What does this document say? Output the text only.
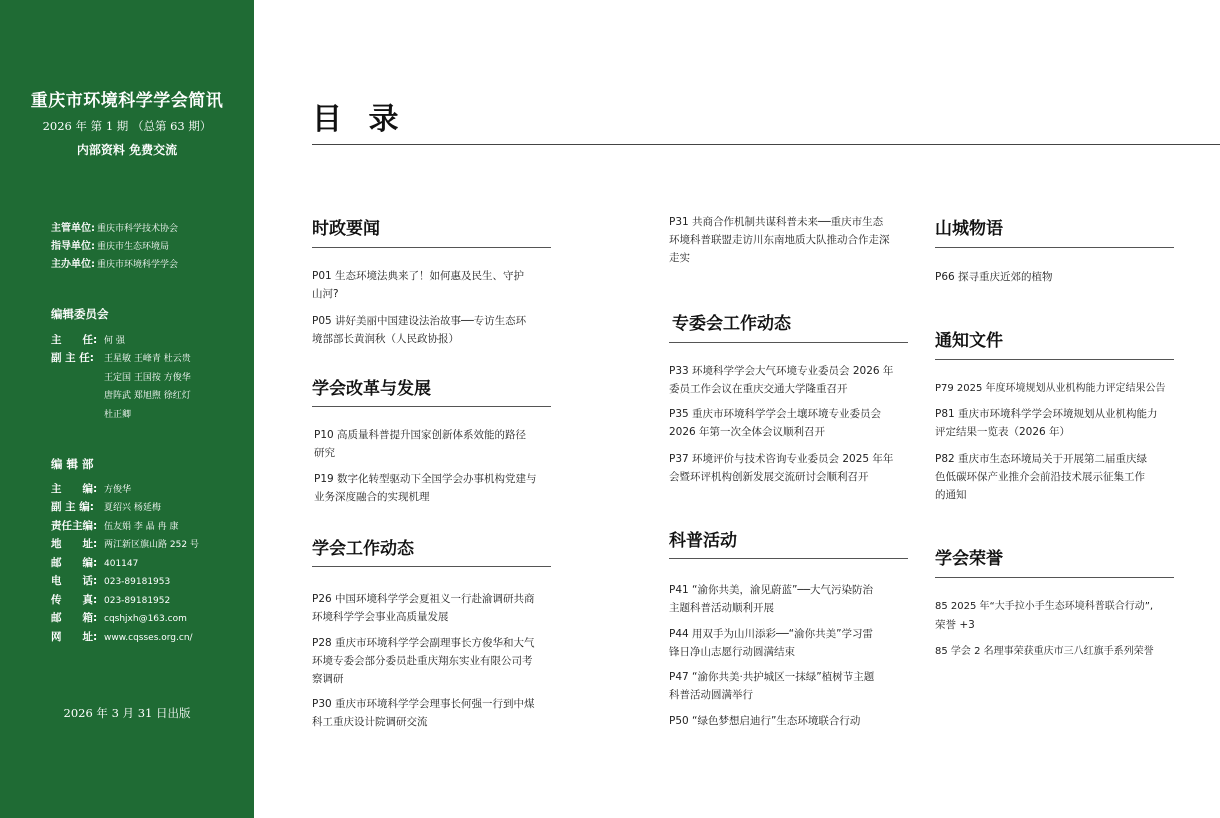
重庆市环境科学学会简讯
2026 年 第 1 期 （总第 63 期）
内部资料 免费交流
主管单位: 重庆市科学技术协会
指导单位: 重庆市生态环境局
主办单位: 重庆市环境科学学会
编辑委员会
主　　任: 何 强
副 主 任: 王星敏 王峰青 杜云贵
王定国 王国按 方俊华
唐阵武 郑旭煦 徐红灯
杜正卿
编 辑 部
主　　编: 方俊华
副 主 编: 夏绍兴 杨延梅
责任主编: 伍友娟 李 晶 冉 康
地　　址: 两江新区旗山路 252 号
邮　　编: 401147
电　　话: 023-89181953
传　　真: 023-89181952
邮　　箱: cqshjxh@163.com
网　　址: www.cqsses.org.cn/
2026 年 3 月 31 日出版
目 录
时政要闻
P01 生态环境法典来了！如何惠及民生、守护
山河?
P05 讲好美丽中国建设法治故事──专访生态环
境部部长黄润秋（人民政协报）
学会改革与发展
P10 高质量科普提升国家创新体系效能的路径
研究
P19 数字化转型驱动下全国学会办事机构党建与
业务深度融合的实现机理
学会工作动态
P26 中国环境科学学会夏祖义一行赴渝调研共商
环境科学学会事业高质量发展
P28 重庆市环境科学学会副理事长方俊华和大气
环境专委会部分委员赴重庆翔东实业有限公司考
察调研
P30 重庆市环境科学学会理事长何强一行到中煤
科工重庆设计院调研交流
P31 共商合作机制共谋科普未来──重庆市生态
环境科普联盟走访川东南地质大队推动合作走深
走实
专委会工作动态
P33 环境科学学会大气环境专业委员会 2026 年
委员工作会议在重庆交通大学隆重召开
P35 重庆市环境科学学会土壤环境专业委员会
2026 年第一次全体会议顺利召开
P37 环境评价与技术咨询专业委员会 2025 年年
会暨环评机构创新发展交流研讨会顺利召开
科普活动
P41 “渝你共美，渝见蔚蓝”──大气污染防治
主题科普活动顺利开展
P44 用双手为山川添彩──“渝你共美”学习雷
锋日净山志愿行动圆满结束
P47 “渝你共美·共护城区一抹绿”植树节主题
科普活动圆满举行
P50 “绿色梦想启迪行”生态环境联合行动
山城物语
P66 探寻重庆近郊的植物
通知文件
P79 2025 年度环境规划从业机构能力评定结果公告
P81 重庆市环境科学学会环境规划从业机构能力
评定结果一览表（2026 年）
P82 重庆市生态环境局关于开展第二届重庆绿
色低碳环保产业推介会前沿技术展示征集工作
的通知
学会荣誉
85 2025 年“大手拉小手生态环境科普联合行动”,
荣誉 +3
85 学会 2 名理事荣获重庆市三八红旗手系列荣誉
